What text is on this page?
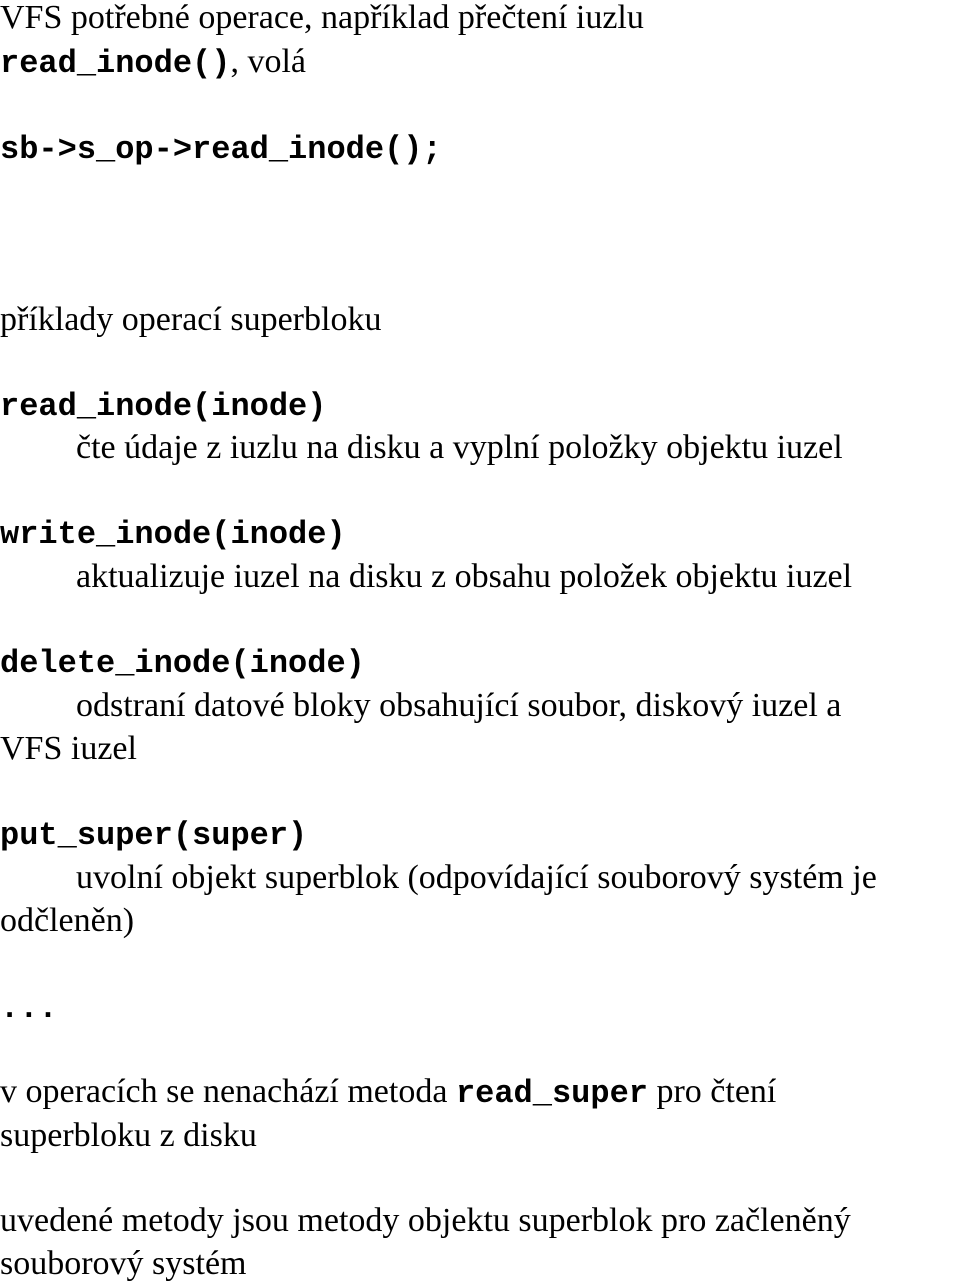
VFS potřebné operace, například přečtení iuzlu
read_inode(), volá
sb->s_op->read_inode();
příklady operací superbloku
read_inode(inode)
čte údaje z iuzlu na disku a vyplní položky objektu iuzel
write_inode(inode)
aktualizuje iuzel na disku z obsahu položek objektu iuzel
delete_inode(inode)
odstraní datové bloky obsahující soubor, diskový iuzel a
VFS iuzel
put_super(super)
uvolní objekt superblok (odpovídající souborový systém je
odčleněn)
...
v operacích se nenachází metoda read_super pro čtení
superbloku z disku
uvedené metody jsou metody objektu superblok pro začleněný
souborový systém
